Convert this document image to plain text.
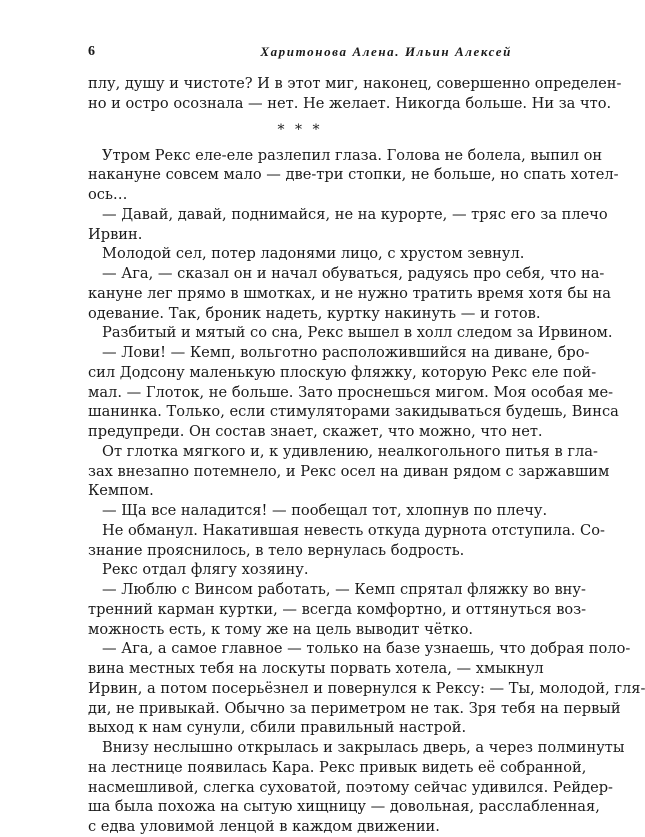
6	Харитонова Алена. Ильин Алексей
плу, душу и чистоте? И в этот миг, наконец, совершенно определен-
но и остро осознала — нет. Не желает. Никогда больше. Ни за что.
* * *
Утром Рекс еле-еле разлепил глаза. Голова не болела, выпил он
накануне совсем мало — две-три стопки, не больше, но спать хотел-
ось…
— Давай, давай, поднимайся, не на курорте, — тряс его за плечо
Ирвин.
Молодой сел, потер ладонями лицо, с хрустом зевнул.
— Ага, — сказал он и начал обуваться, радуясь про себя, что на-
кануне лег прямо в шмотках, и не нужно тратить время хотя бы на
одевание. Так, броник надеть, куртку накинуть — и готов.
Разбитый и мятый со сна, Рекс вышел в холл следом за Ирвином.
— Лови! — Кемп, вольготно расположившийся на диване, бро-
сил Додсону маленькую плоскую фляжку, которую Рекс еле пой-
мал. — Глоток, не больше. Зато проснешься мигом. Моя особая ме-
шанинка. Только, если стимуляторами закидываться будешь, Винса
предупреди. Он состав знает, скажет, что можно, что нет.
От глотка мягкого и, к удивлению, неалкогольного питья в гла-
зах внезапно потемнело, и Рекс осел на диван рядом с заржавшим
Кемпом.
— Ща все наладится! — пообещал тот, хлопнув по плечу.
Не обманул. Накатившая невесть откуда дурнота отступила. Со-
знание прояснилось, в тело вернулась бодрость.
Рекс отдал флягу хозяину.
— Люблю с Винсом работать, — Кемп спрятал фляжку во вну-
тренний карман куртки, — всегда комфортно, и оттянуться воз-
можность есть, к тому же на цель выводит чётко.
— Ага, а самое главное — только на базе узнаешь, что добрая поло-
вина местных тебя на лоскуты порвать хотела, — хмыкнул
Ирвин, а потом посерьёзнел и повернулся к Рексу: — Ты, молодой, гля-
ди, не привыкай. Обычно за периметром не так. Зря тебя на первый
выход к нам сунули, сбили правильный настрой.
Внизу неслышно открылась и закрылась дверь, а через полминуты
на лестнице появилась Кара. Рекс привык видеть её собранной,
насмешливой, слегка суховатой, поэтому сейчас удивился. Рейдер-
ша была похожа на сытую хищницу — довольная, расслабленная,
с едва уловимой ленцой в каждом движении.
